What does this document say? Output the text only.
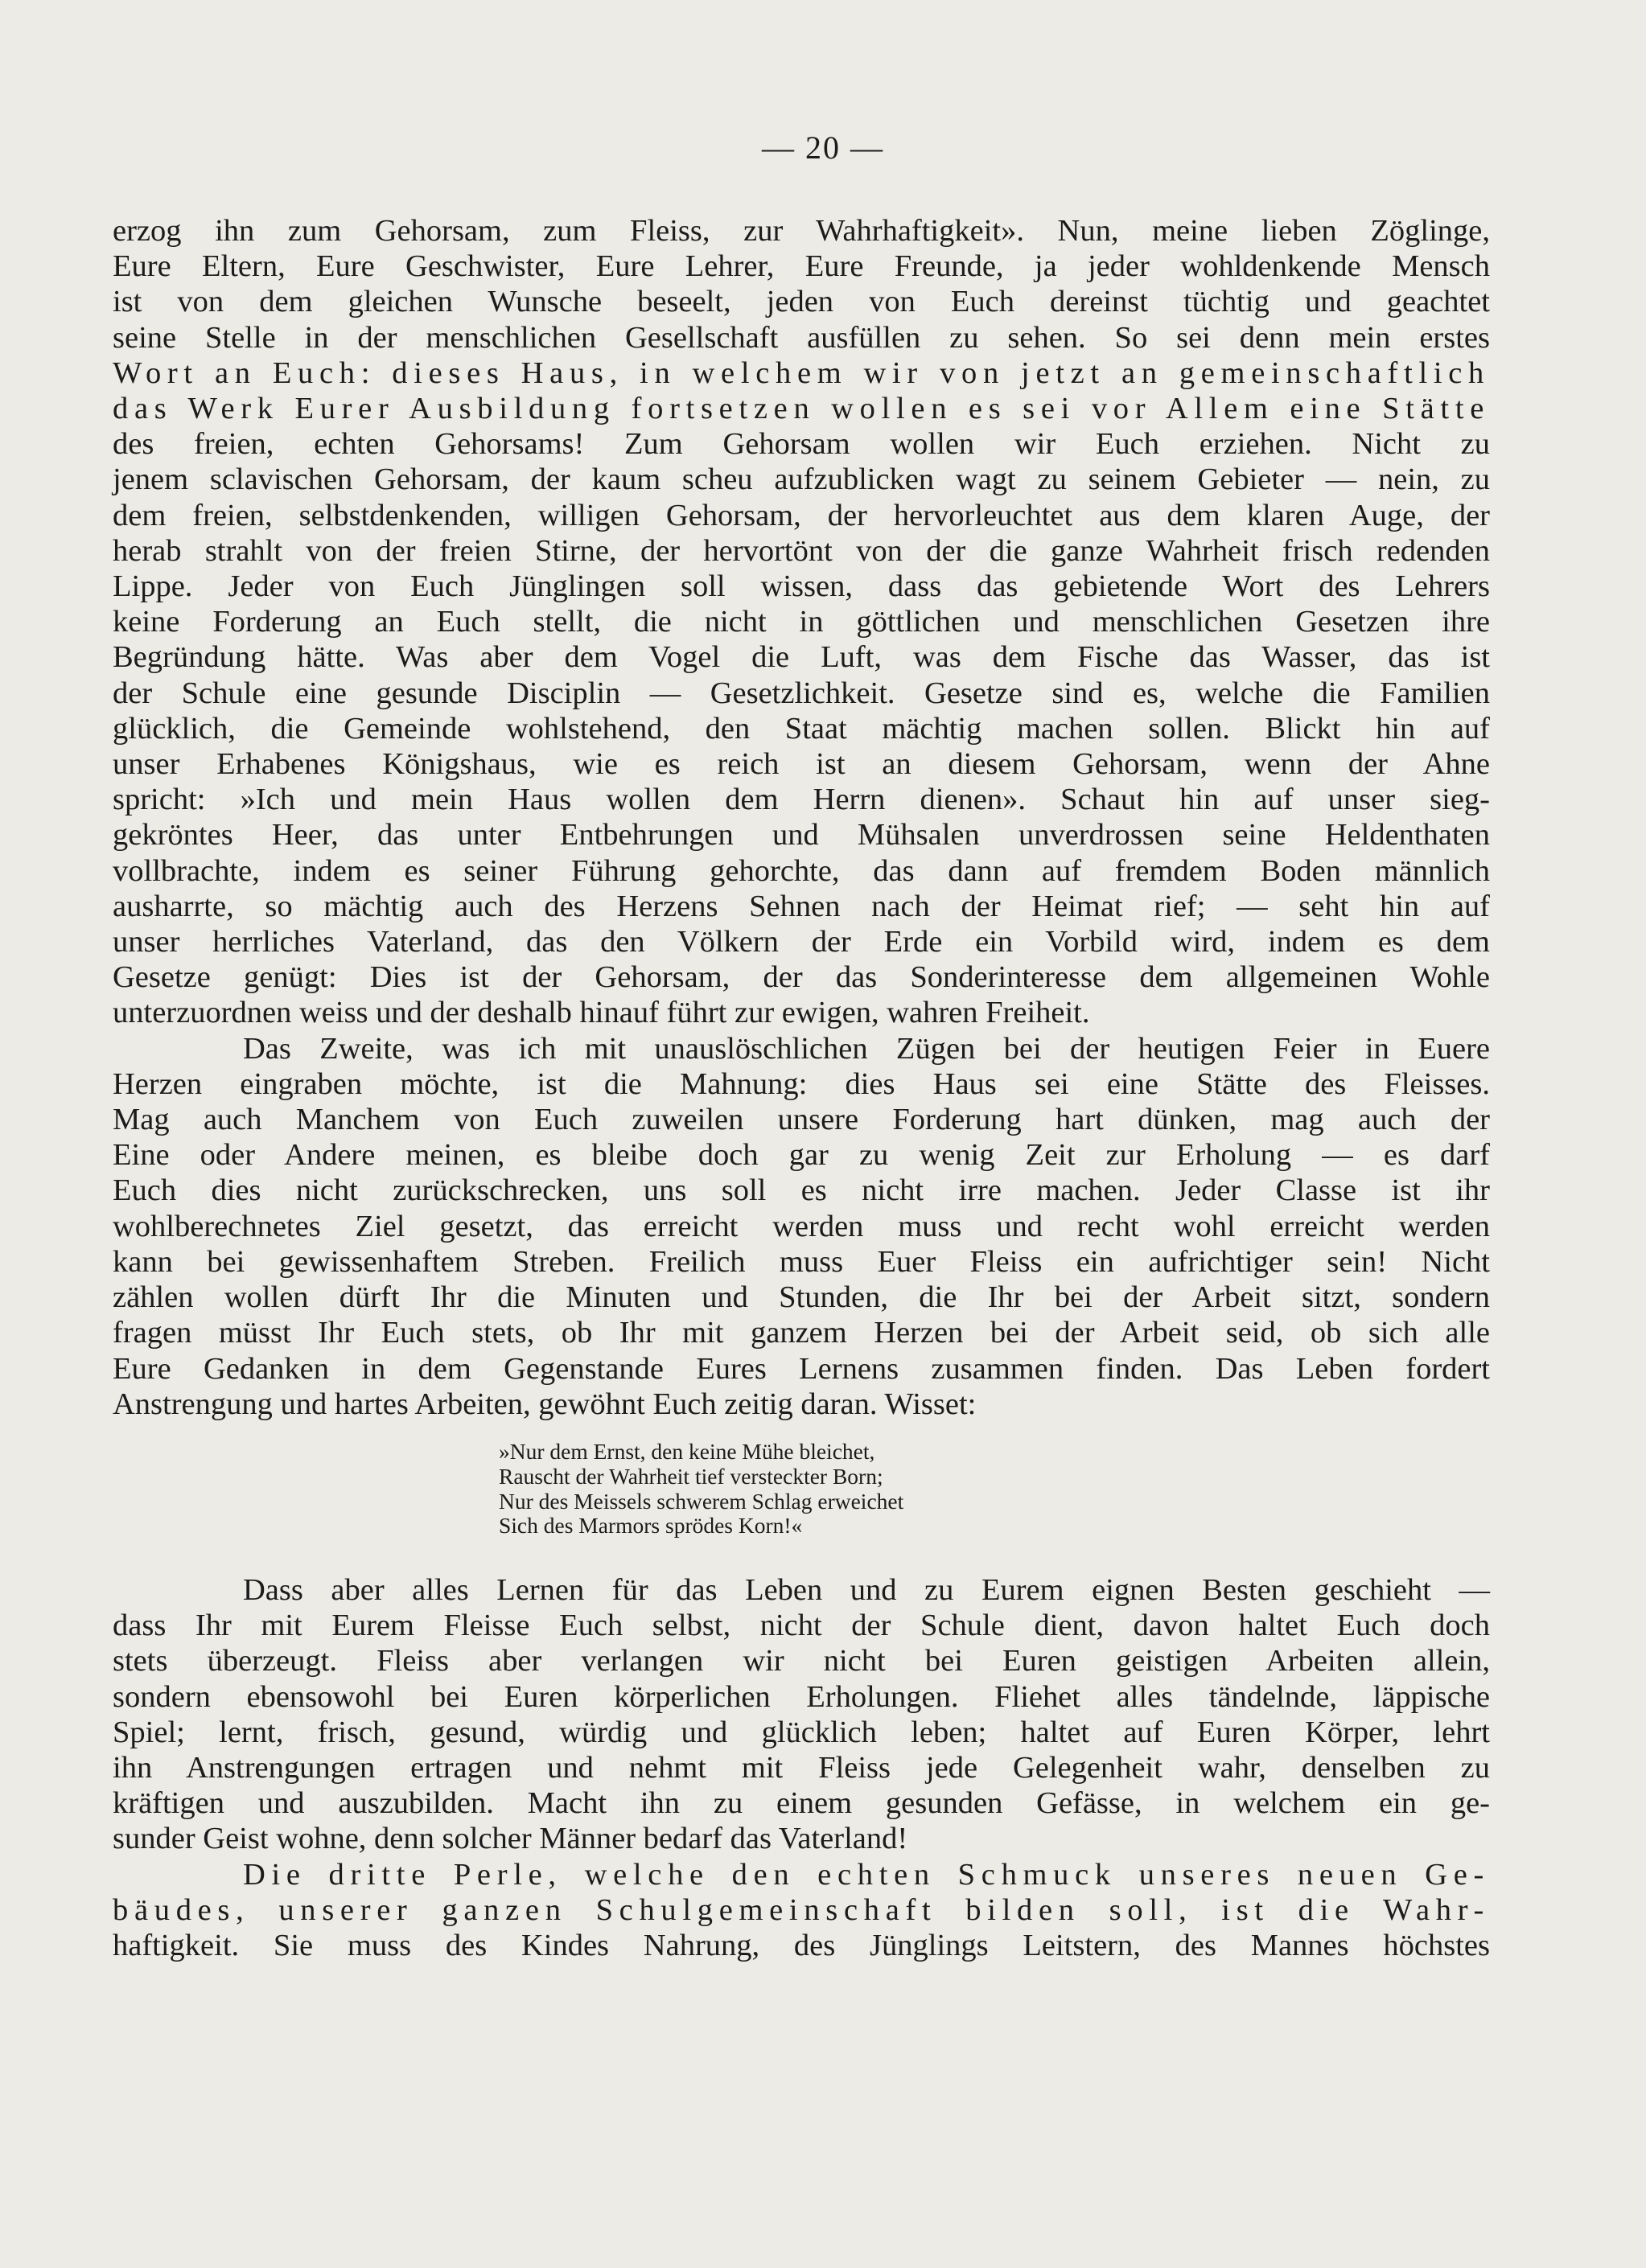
— 20 —
erzog ihn zum Gehorsam, zum Fleiss, zur Wahrhaftigkeit». Nun, meine lieben Zöglinge,
Eure Eltern, Eure Geschwister, Eure Lehrer, Eure Freunde, ja jeder wohldenkende Mensch
ist von dem gleichen Wunsche beseelt, jeden von Euch dereinst tüchtig und geachtet
seine Stelle in der menschlichen Gesellschaft ausfüllen zu sehen. So sei denn mein erstes
Wort an Euch: dieses Haus, in welchem wir von jetzt an gemeinschaftlich
das Werk Eurer Ausbildung fortsetzen wollen es sei vor Allem eine Stätte
des freien, echten Gehorsams! Zum Gehorsam wollen wir Euch erziehen. Nicht zu
jenem sclavischen Gehorsam, der kaum scheu aufzublicken wagt zu seinem Gebieter — nein, zu
dem freien, selbstdenkenden, willigen Gehorsam, der hervorleuchtet aus dem klaren Auge, der
herab strahlt von der freien Stirne, der hervortönt von der die ganze Wahrheit frisch redenden
Lippe. Jeder von Euch Jünglingen soll wissen, dass das gebietende Wort des Lehrers
keine Forderung an Euch stellt, die nicht in göttlichen und menschlichen Gesetzen ihre
Begründung hätte. Was aber dem Vogel die Luft, was dem Fische das Wasser, das ist
der Schule eine gesunde Disciplin — Gesetzlichkeit. Gesetze sind es, welche die Familien
glücklich, die Gemeinde wohlstehend, den Staat mächtig machen sollen. Blickt hin auf
unser Erhabenes Königshaus, wie es reich ist an diesem Gehorsam, wenn der Ahne
spricht: »Ich und mein Haus wollen dem Herrn dienen». Schaut hin auf unser sieg-
gekröntes Heer, das unter Entbehrungen und Mühsalen unverdrossen seine Heldenthaten
vollbrachte, indem es seiner Führung gehorchte, das dann auf fremdem Boden männlich
ausharrte, so mächtig auch des Herzens Sehnen nach der Heimat rief; — seht hin auf
unser herrliches Vaterland, das den Völkern der Erde ein Vorbild wird, indem es dem
Gesetze genügt: Dies ist der Gehorsam, der das Sonderinteresse dem allgemeinen Wohle
unterzuordnen weiss und der deshalb hinauf führt zur ewigen, wahren Freiheit.
Das Zweite, was ich mit unauslöschlichen Zügen bei der heutigen Feier in Euere
Herzen eingraben möchte, ist die Mahnung: dies Haus sei eine Stätte des Fleisses.
Mag auch Manchem von Euch zuweilen unsere Forderung hart dünken, mag auch der
Eine oder Andere meinen, es bleibe doch gar zu wenig Zeit zur Erholung — es darf
Euch dies nicht zurückschrecken, uns soll es nicht irre machen. Jeder Classe ist ihr
wohlberechnetes Ziel gesetzt, das erreicht werden muss und recht wohl erreicht werden
kann bei gewissenhaftem Streben. Freilich muss Euer Fleiss ein aufrichtiger sein! Nicht
zählen wollen dürft Ihr die Minuten und Stunden, die Ihr bei der Arbeit sitzt, sondern
fragen müsst Ihr Euch stets, ob Ihr mit ganzem Herzen bei der Arbeit seid, ob sich alle
Eure Gedanken in dem Gegenstande Eures Lernens zusammen finden. Das Leben fordert
Anstrengung und hartes Arbeiten, gewöhnt Euch zeitig daran. Wisset:
»Nur dem Ernst, den keine Mühe bleichet,
Rauscht der Wahrheit tief versteckter Born;
Nur des Meissels schwerem Schlag erweichet
Sich des Marmors sprödes Korn!«
Dass aber alles Lernen für das Leben und zu Eurem eignen Besten geschieht —
dass Ihr mit Eurem Fleisse Euch selbst, nicht der Schule dient, davon haltet Euch doch
stets überzeugt. Fleiss aber verlangen wir nicht bei Euren geistigen Arbeiten allein,
sondern ebensowohl bei Euren körperlichen Erholungen. Fliehet alles tändelnde, läppische
Spiel; lernt, frisch, gesund, würdig und glücklich leben; haltet auf Euren Körper, lehrt
ihn Anstrengungen ertragen und nehmt mit Fleiss jede Gelegenheit wahr, denselben zu
kräftigen und auszubilden. Macht ihn zu einem gesunden Gefässe, in welchem ein ge-
sunder Geist wohne, denn solcher Männer bedarf das Vaterland!
Die dritte Perle, welche den echten Schmuck unseres neuen Ge-
bäudes, unserer ganzen Schulgemeinschaft bilden soll, ist die Wahr-
haftigkeit. Sie muss des Kindes Nahrung, des Jünglings Leitstern, des Mannes höchstes
